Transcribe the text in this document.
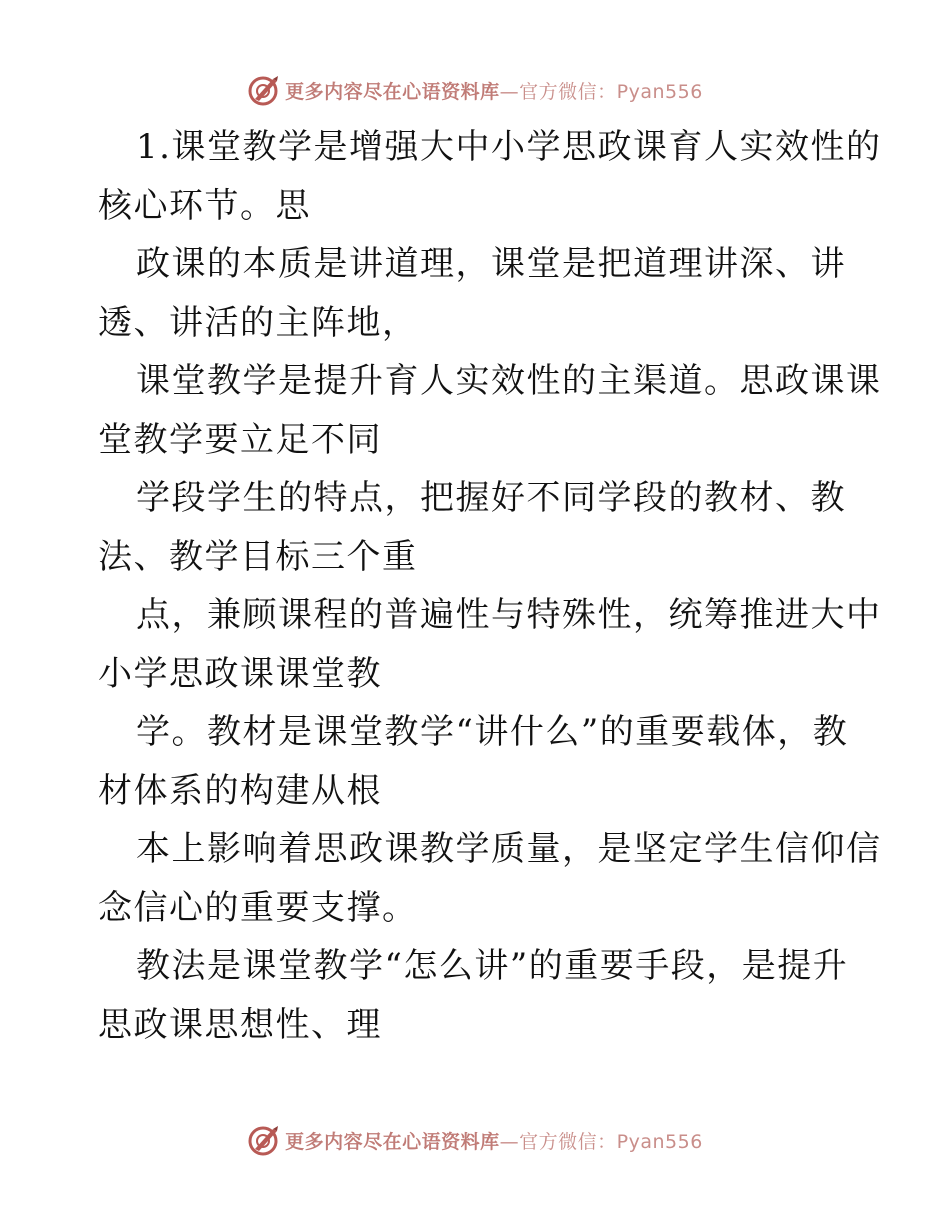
更多内容尽在心语资料库—官方微信：Pyan556
1.课堂教学是增强大中小学思政课育人实效性的
核心环节。思
政课的本质是讲道理，课堂是把道理讲深、讲
透、讲活的主阵地，
课堂教学是提升育人实效性的主渠道。思政课课
堂教学要立足不同
学段学生的特点，把握好不同学段的教材、教
法、教学目标三个重
点，兼顾课程的普遍性与特殊性，统筹推进大中
小学思政课课堂教
学。教材是课堂教学“讲什么”的重要载体，教
材体系的构建从根
本上影响着思政课教学质量，是坚定学生信仰信
念信心的重要支撑。
教法是课堂教学“怎么讲”的重要手段，是提升
思政课思想性、理
更多内容尽在心语资料库—官方微信：Pyan556
